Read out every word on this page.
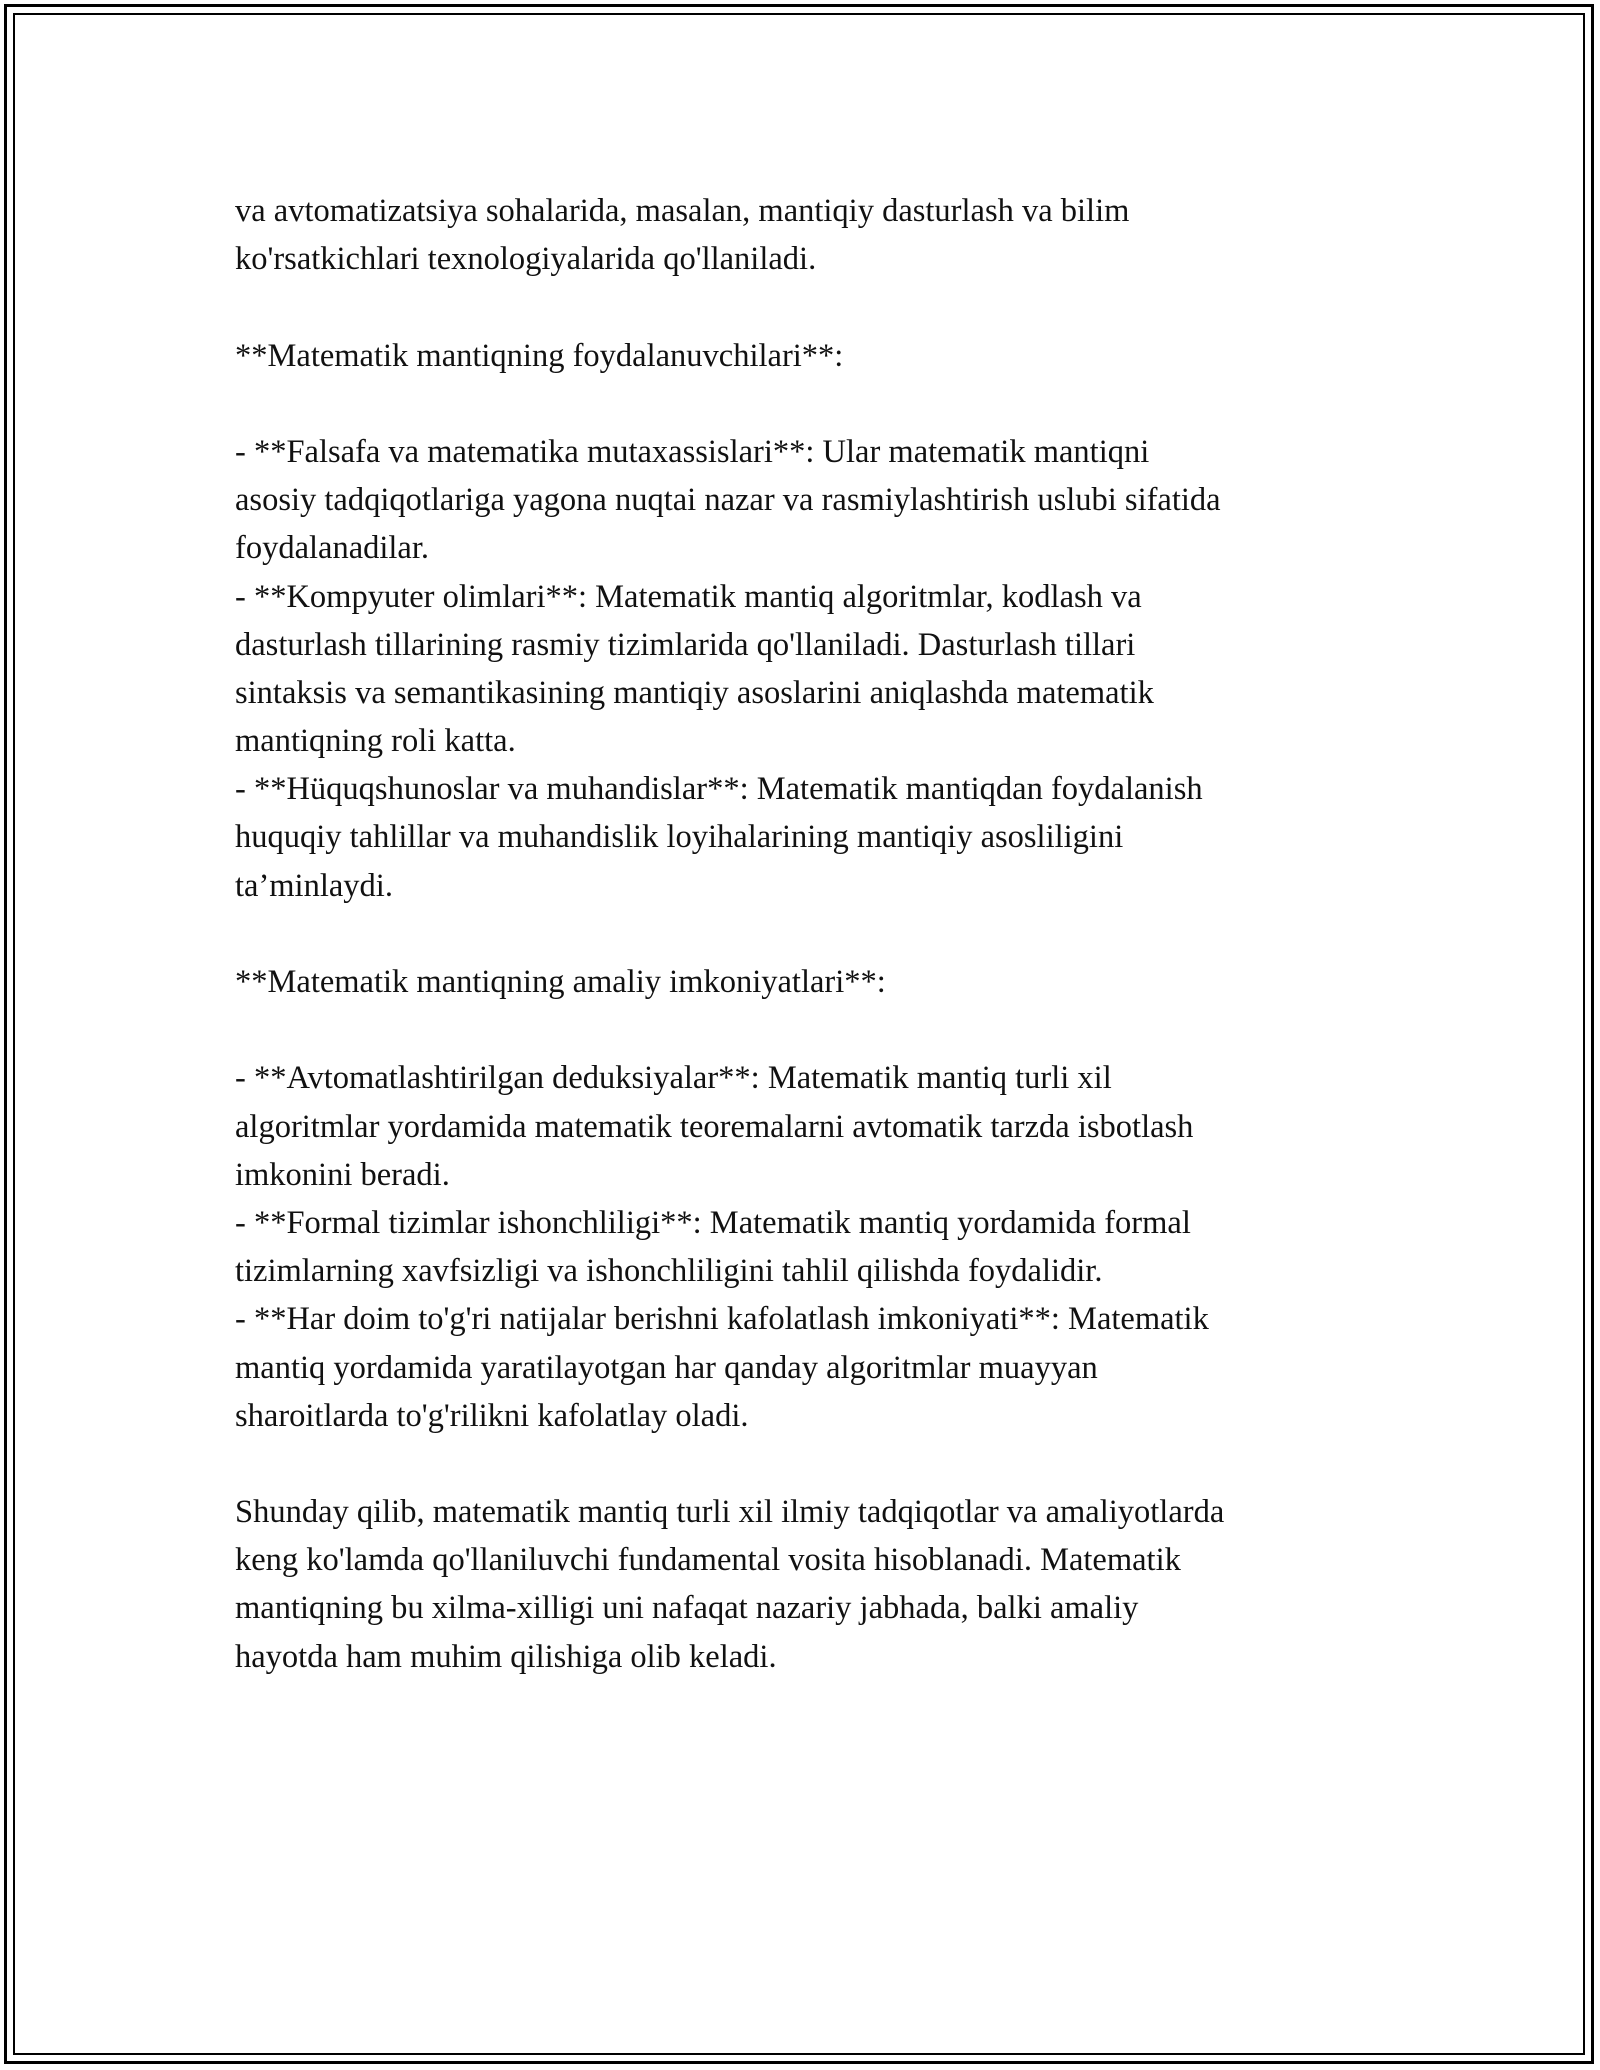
va avtomatizatsiya sohalarida, masalan, mantiqiy dasturlash va bilim
ko'rsatkichlari texnologiyalarida qo'llaniladi.
**Matematik mantiqning foydalanuvchilari**:
- **Falsafa va matematika mutaxassislari**: Ular matematik mantiqni
asosiy tadqiqotlariga yagona nuqtai nazar va rasmiylashtirish uslubi sifatida
foydalanadilar.
- **Kompyuter olimlari**: Matematik mantiq algoritmlar, kodlash va
dasturlash tillarining rasmiy tizimlarida qo'llaniladi. Dasturlash tillari
sintaksis va semantikasining mantiqiy asoslarini aniqlashda matematik
mantiqning roli katta.
- **Hüquqshunoslar va muhandislar**: Matematik mantiqdan foydalanish
huquqiy tahlillar va muhandislik loyihalarining mantiqiy asosliligini
ta’minlaydi.
**Matematik mantiqning amaliy imkoniyatlari**:
- **Avtomatlashtirilgan deduksiyalar**: Matematik mantiq turli xil
algoritmlar yordamida matematik teoremalarni avtomatik tarzda isbotlash
imkonini beradi.
- **Formal tizimlar ishonchliligi**: Matematik mantiq yordamida formal
tizimlarning xavfsizligi va ishonchliligini tahlil qilishda foydalidir.
- **Har doim to'g'ri natijalar berishni kafolatlash imkoniyati**: Matematik
mantiq yordamida yaratilayotgan har qanday algoritmlar muayyan
sharoitlarda to'g'rilikni kafolatlay oladi.
Shunday qilib, matematik mantiq turli xil ilmiy tadqiqotlar va amaliyotlarda
keng ko'lamda qo'llaniluvchi fundamental vosita hisoblanadi. Matematik
mantiqning bu xilma-xilligi uni nafaqat nazariy jabhada, balki amaliy
hayotda ham muhim qilishiga olib keladi.
